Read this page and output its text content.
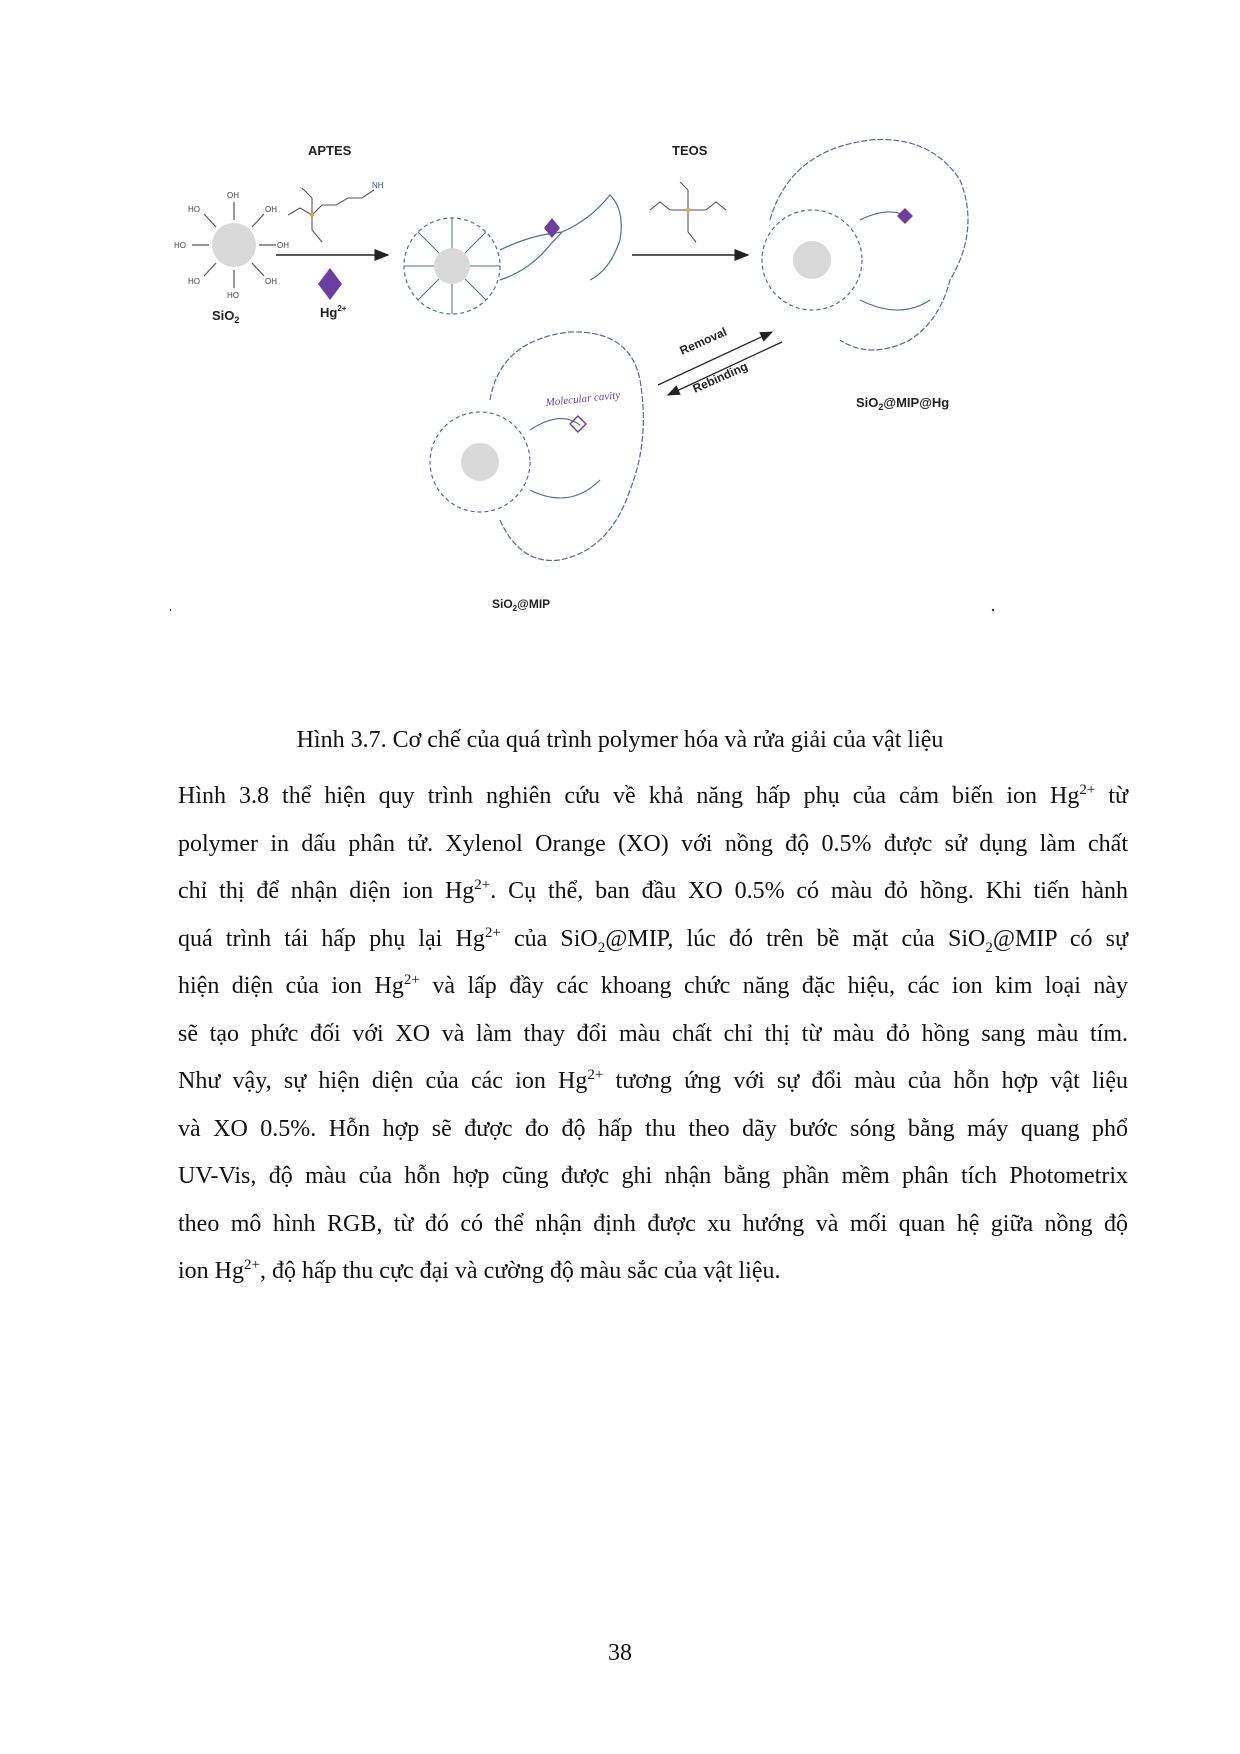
OH
OH
OH
OH
HO
HO
HO
HO
SiO$_2$
APTES
NH
$Hg^{2+}$
TEOS
SiO$_2$@MIP@Hg
Removal
Rebinding
Molecular cavity
SiO$_2$@MIP
Hình 3.7. Cơ chế của quá trình polymer hóa và rửa giải của vật liệu
Hình 3.8 thể hiện quy trình nghiên cứu về khả năng hấp phụ của cảm biến ion $Hg^{2+}$ từ
polymer in dấu phân tử. Xylenol Orange (XO) với nồng độ 0.5% được sử dụng làm chất
chỉ thị để nhận diện ion $Hg^{2+}$. Cụ thể, ban đầu XO 0.5% có màu đỏ hồng. Khi tiến hành
quá trình tái hấp phụ lại $Hg^{2+}$ của SiO$_2$@MIP, lúc đó trên bề mặt của SiO$_2$@MIP có sự
hiện diện của ion $Hg^{2+}$ và lấp đầy các khoang chức năng đặc hiệu, các ion kim loại này
sẽ tạo phức đối với XO và làm thay đổi màu chất chỉ thị từ màu đỏ hồng sang màu tím.
Như vậy, sự hiện diện của các ion $Hg^{2+}$ tương ứng với sự đổi màu của hỗn hợp vật liệu
và XO 0.5%. Hỗn hợp sẽ được đo độ hấp thu theo dãy bước sóng bằng máy quang phổ
UV-Vis, độ màu của hỗn hợp cũng được ghi nhận bằng phần mềm phân tích Photometrix
theo mô hình RGB, từ đó có thể nhận định được xu hướng và mối quan hệ giữa nồng độ
ion $Hg^{2+}$, độ hấp thu cực đại và cường độ màu sắc của vật liệu.
38
